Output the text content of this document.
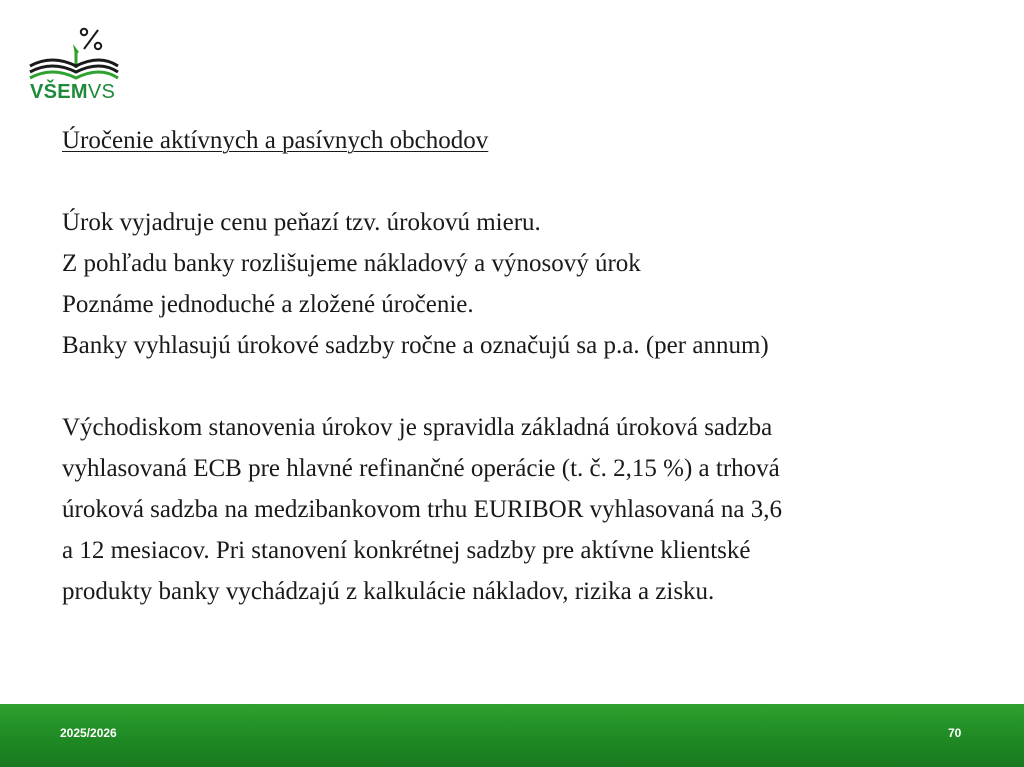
VŠEMVS

Úročenie aktívnych a pasívnych obchodov

Úrok vyjadruje cenu peňazí tzv. úrokovú mieru.

Z pohľadu banky rozlišujeme nákladový a výnosový úrok

Poznáme jednoduché a zložené úročenie.

Banky vyhlasujú úrokové sadzby ročne a označujú sa p.a. (per annum)

Východiskom stanovenia úrokov je spravidla základná úroková sadzba

vyhlasovaná ECB pre hlavné refinančné operácie (t. č. 2,15 %) a trhová

úroková sadzba na medzibankovom trhu EURIBOR vyhlasovaná na 3,6

a 12 mesiacov. Pri stanovení konkrétnej sadzby pre aktívne klientské

produkty banky vychádzajú z kalkulácie nákladov, rizika a zisku.

2025/2026	70
